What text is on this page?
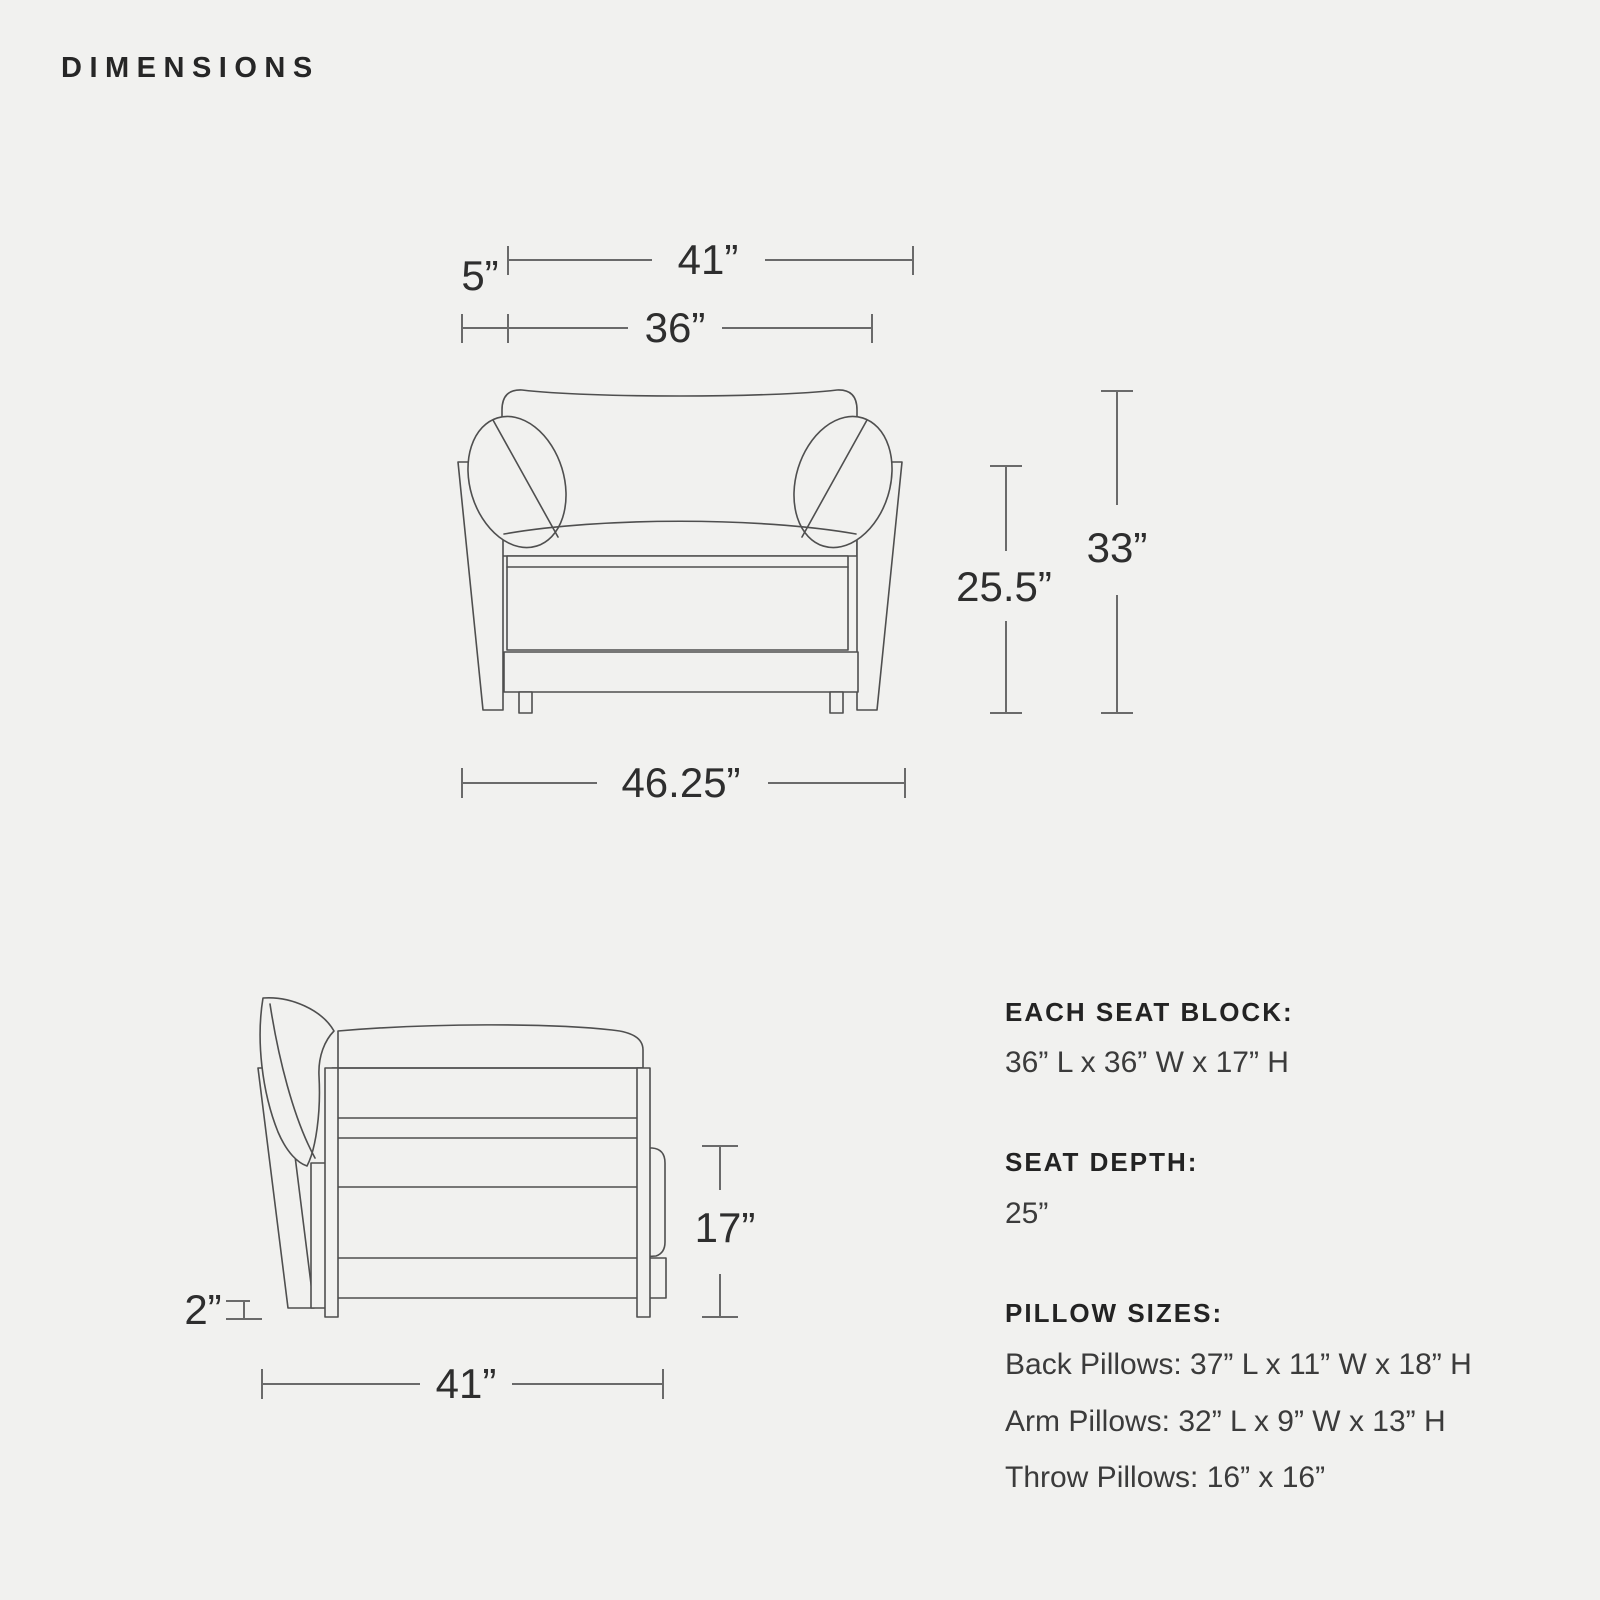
DIMENSIONS
5”	41”
36”
25.5”
33”
46.25”
2”
17”
41”
EACH SEAT BLOCK:
36” L x 36” W x 17” H
SEAT DEPTH:
25”
PILLOW SIZES:
Back Pillows: 37” L x 11” W x 18” H
Arm Pillows: 32” L x 9” W x 13” H
Throw Pillows: 16” x 16”
